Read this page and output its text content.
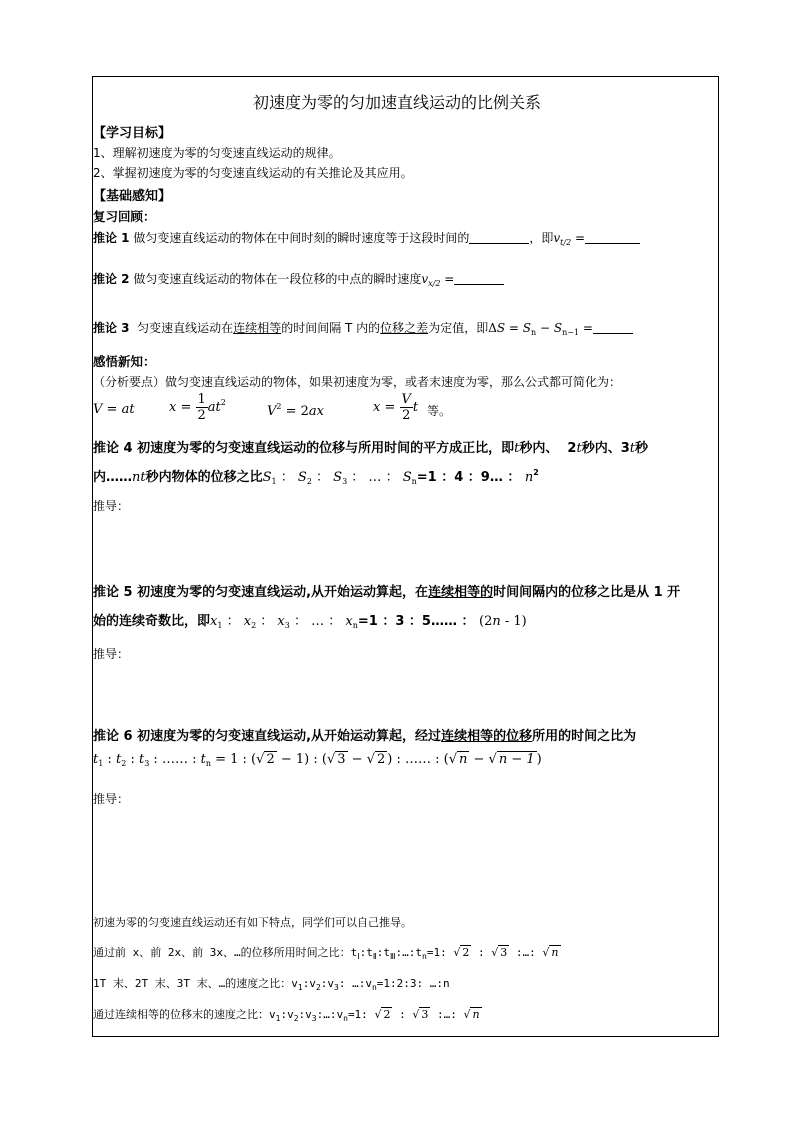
初速度为零的匀加速直线运动的比例关系
【学习目标】
1、理解初速度为零的匀变速直线运动的规律。
2、掌握初速度为零的匀变速直线运动的有关推论及其应用。
【基础感知】
复习回顾：
推论 1 做匀变速直线运动的物体在中间时刻的瞬时速度等于这段时间的	，即$v_{t/2}$ =
推论 2 做匀变速直线运动的物体在一段位移的中点的瞬时速度$v_{x/2}$ =
推论 3 匀变速直线运动在连续相等的时间间隔 T 内的位移之差为定值，即$\Delta S = S_n - S_{n-1}$ =
感悟新知：
（分析要点）做匀变速直线运动的物体，如果初速度为零，或者末速度为零，那么公式都可简化为：
V = at	$x = \frac{1}{2} at^2$
$V^2 = 2ax$	$x = \frac{V}{2}$ t 等。
推论 4 初速度为零的匀变速直线运动的位移与所用时间的平方成正比，即t秒内、  2t秒内、3t秒
内……nt秒内物体的位移之比$S_1$ ： $S_2$ ： $S_3$ ： … ： $S_n=1$ ：4 ：9… ： $n^2$
推导：
推论 5 初速度为零的匀变速直线运动,从开始运动算起，在连续相等的时间间隔内的位移之比是从 1 开
始的连续奇数比，即$x_1$ ： $x_2$ ： $x_3$ ： … ： $x_n=1$ ：3 ：5…… ： (2n - 1)
推导：
推论 6 初速度为零的匀变速直线运动,从开始运动算起，经过连续相等的位移所用的时间之比为
$t_1$ : $t_2$ : $t_3$ : …… : $t_n = 1$ : (√ 2 − 1) : (√ 3 − √ 2 ) : …… : (√ n − √ n − 1 )
推导：
初速为零的匀变速直线运动还有如下特点，同学们可以自己推导。
通过前 x、前 2x、前 3x、…的位移所用时间之比：$t_Ⅰ:t_Ⅱ:t_Ⅲ:\dots:t_n=1$: √ 2 : √ 3 :…: √ n
1T 末、2T 末、3T 末、…的速度之比：$v_1:v_2:v_3$: $\dots:v_n=1:2:3$: …:n
通过连续相等的位移末的速度之比：$v_1:v_2:v_3:\dots:v_n=1$: √ 2 : √ 3 :…: √ n
